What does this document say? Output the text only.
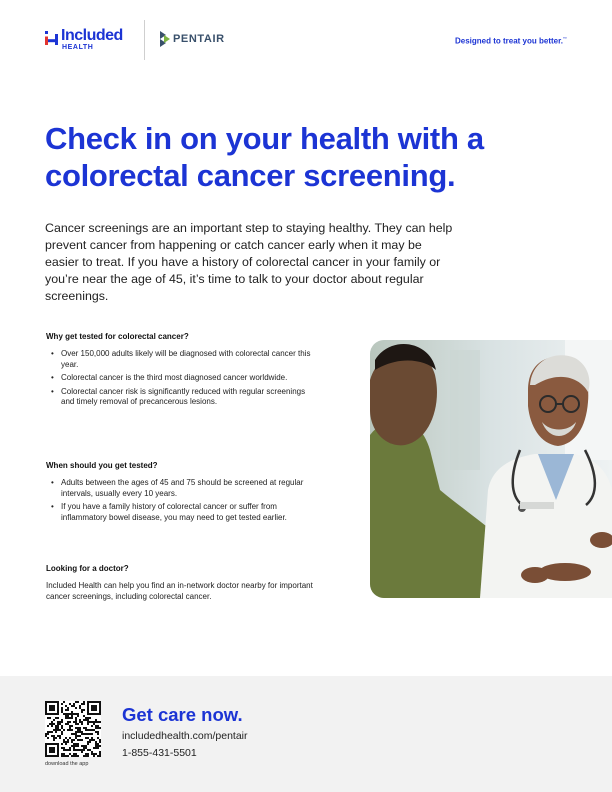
Included
HEALTH
PENTAIR	Designed to treat you better.™
Check in on your health with a colorectal cancer screening.

Cancer screenings are an important step to staying healthy. They can help prevent cancer from happening or catch cancer early when it may be easier to treat. If you have a history of colorectal cancer in your family or you’re near the age of 45, it’s time to talk to your doctor about regular screenings.

Why get tested for colorectal cancer?
• Over 150,000 adults likely will be diagnosed with colorectal cancer this year.
• Colorectal cancer is the third most diagnosed cancer worldwide.
• Colorectal cancer risk is significantly reduced with regular screenings and timely removal of precancerous lesions.
When should you get tested?
• Adults between the ages of 45 and 75 should be screened at regular intervals, usually every 10 years.
• If you have a family history of colorectal cancer or suffer from inflammatory bowel disease, you may need to get tested earlier.
Looking for a doctor?

Included Health can help you find an in-network doctor nearby for important cancer screenings, including colorectal cancer.

download the app
Get care now.
includedhealth.com/pentair
1-855-431-5501
